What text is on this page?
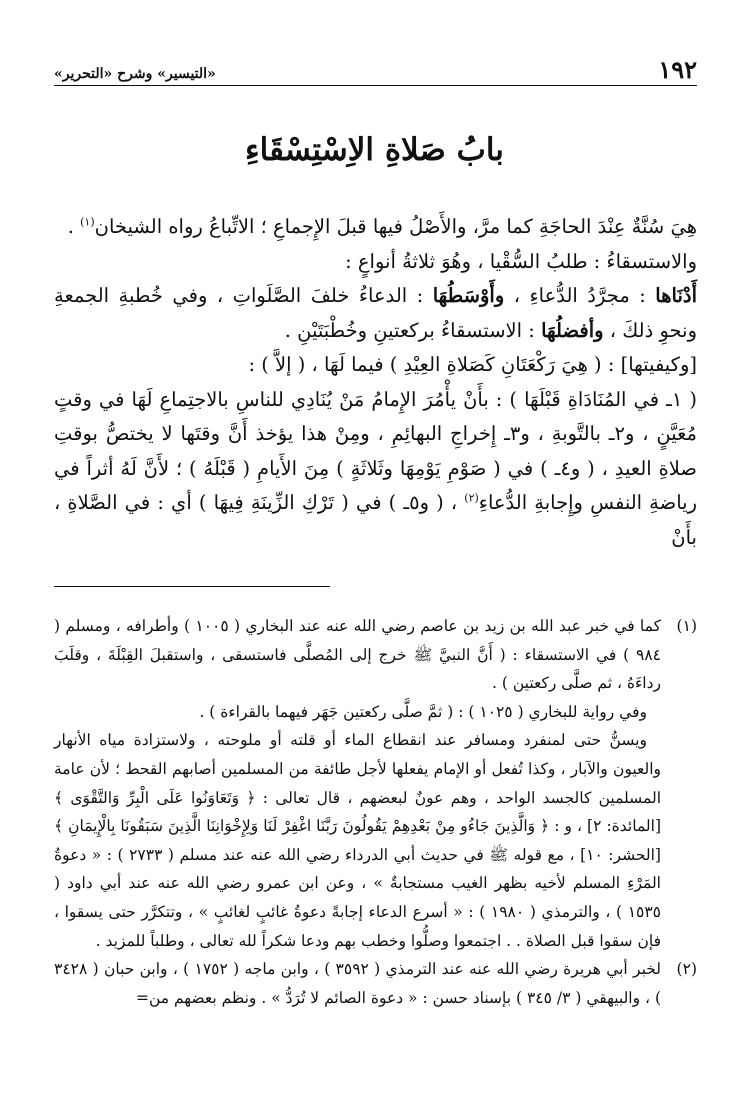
١٩٢
«التيسير» وشرح «التحرير»
بابُ صَلاةِ الاِسْتِسْقَاءِ

هِيَ سُنَّةٌ عِنْدَ الحاجَةِ كما مرَّ، والأَصْلُ فيها قبلَ الإِجماعِ ؛ الاتِّباعُ رواه الشيخان$^{(١)}$ .

والاستسقاءُ : طلبُ السُّقْيا ، وهُوَ ثلاثةُ أنواعٍ :

أَدْنَاها : مجرَّدُ الدُّعاءِ ، وأَوْسَطُهَا : الدعاءُ خلفَ الصَّلَواتِ ، وفي خُطبةِ الجمعةِ ونحوِ ذلكَ ، وأفضلُهَا : الاستسقاءُ بركعتينِ وخُطْبَتَيْنِ .

[وكيفيتها] : ( هِيَ رَكْعَتَانِ كَصَلاةِ العِيْدِ ) فيما لَهَا ، ( إلاَّ ) :

( ١ـ في المُنَادَاةِ قَبْلَهَا ) : بأَنْ يأْمُرَ الإِمامُ مَنْ يُنَادِي للناسِ بالاجتِماعِ لَهَا في وقتٍ مُعَيَّنٍ ، و٢ـ بالتَّوبةِ ، و٣ـ إِخراجِ البهائِمِ ، ومِنْ هذا يؤخذ أَنَّ وقتَها لا يختصُّ بوقتِ صلاةِ العيدِ ، ( و٤ـ ) في ( صَوْمِ يَوْمِهَا وثَلاثَةٍ ) مِنَ الأَيامِ ( قَبْلَهُ ) ؛ لأَنَّ لَهُ أثراً في رياضةِ النفسِ وإِجابةِ الدُّعاءِ$^{(٢)}$ ، ( و٥ـ ) في ( تَرْكِ الزِّينَةِ فِيهَا ) أي : في الصَّلاةِ ، بأَنْ

(١)

كما في خبر عبد الله بن زيد بن عاصم رضي الله عنه عند البخاري ( ١٠٠٥ ) وأطرافه ، ومسلم ( ٩٨٤ ) في الاستسقاء : ( أَنَّ النبيَّ ﷺ خرج إلى المُصلَّى فاستسقى ، واستقبلَ القِبْلَةَ ، وقلَبَ رداءَهُ ، ثم صلَّى ركعتين ) .

وفي رواية للبخاري ( ١٠٢٥ ) : ( ثمَّ صلَّى ركعتين جَهَر فيهما بالقراءة ) .

ويسنُّ حتى لمنفرد ومسافر عند انقطاع الماء أو قلته أو ملوحته ، ولاستزادة مياه الأنهار والعيون والآبار ، وكذا تُفعل أو الإمام يفعلها لأجل طائفة من المسلمين أصابهم القحط ؛ لأن عامة المسلمين كالجسد الواحد ، وهم عونٌ لبعضهم ، قال تعالى : ﴿ وَتَعَاوَنُوا عَلَى الْبِرِّ وَالتَّقْوَى ﴾ [المائدة: ٢] ، و : ﴿ وَالَّذِينَ جَاءُو مِنْ بَعْدِهِمْ يَقُولُونَ رَبَّنَا اغْفِرْ لَنَا وَلِإِخْوَانِنَا الَّذِينَ سَبَقُونَا بِالْإِيمَانِ ﴾ [الحشر: ١٠] ، مع قوله ﷺ في حديث أبي الدرداء رضي الله عنه عند مسلم ( ٢٧٣٣ ) : « دعوةُ المَرْءِ المسلم لأخيه بظهر الغيب مستجابةٌ » ، وعن ابن عمرو رضي الله عنه عند أبي داود ( ١٥٣٥ ) ، والترمذي ( ١٩٨٠ ) : « أسرع الدعاء إجابةً دعوةُ غائبٍ لغائبٍ » ، وتتكرَّر حتى يسقوا ، فإن سقوا قبل الصلاة . . اجتمعوا وصلُّوا وخطب بهم ودعا شكراً لله تعالى ، وطلباً للمزيد .

(٢)

لخبر أبي هريرة رضي الله عنه عند الترمذي ( ٣٥٩٢ ) ، وابن ماجه ( ١٧٥٢ ) ، وابن حبان ( ٣٤٢٨ ) ، والبيهقي ( ٣/ ٣٤٥ ) بإسناد حسن : « دعوة الصائم لا تُرَدُّ » . ونظم بعضهم من=
